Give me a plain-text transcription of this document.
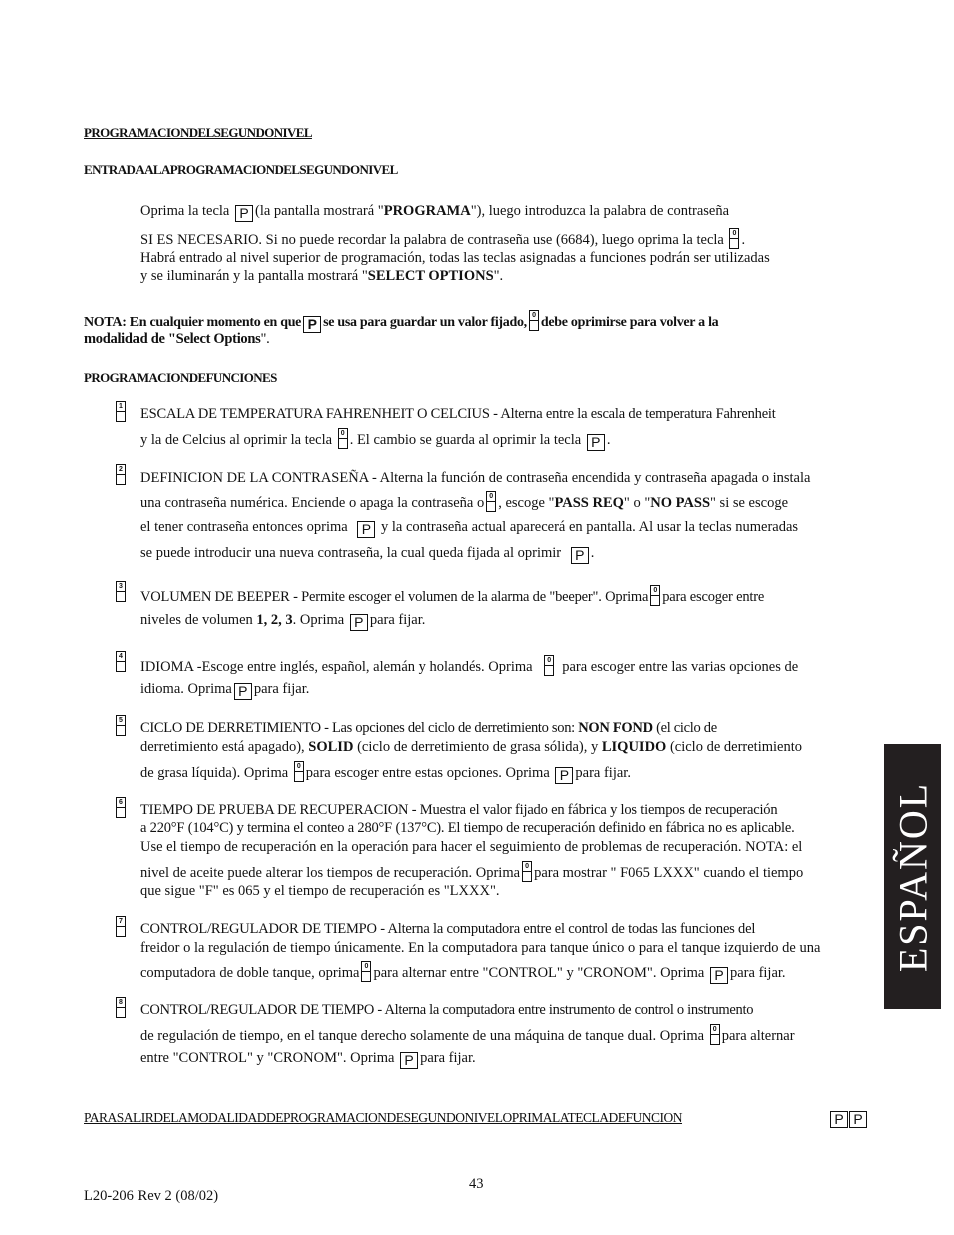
PROGRAMACIONDELSEGUNDONIVEL
ENTRADAALAPROGRAMACIONDELSEGUNDONIVEL
Oprima la tecla P (la pantalla mostrará "PROGRAMA"), luego introduzca la palabra de contraseña
SI ES NECESARIO. Si no puede recordar la palabra de contraseña use (6684), luego oprima la tecla 0 .
Habrá entrado al nivel superior de programación, todas las teclas asignadas a funciones podrán ser utilizadas
y se iluminarán y la pantalla mostrará "SELECT OPTIONS".
NOTA: En cualquier momento en que P se usa para guardar un valor fijado, 0 debe oprimirse para volver a la
modalidad de "Select Options".
PROGRAMACIONDEFUNCIONES
1 ESCALA DE TEMPERATURA FAHRENHEIT O CELCIUS - Alterna entre la escala de temperatura Fahrenheit
y la de Celcius al oprimir la tecla 0 . El cambio se guarda al oprimir la tecla P .
2
DEFINICION DE LA CONTRASEÑA - Alterna la función de contraseña encendida y contraseña apagada o instala
una contraseña numérica. Enciende o apaga la contraseña o 0 , escoge "PASS REQ" o "NO PASS" si se escoge
el tener contraseña entonces oprima P y la contraseña actual aparecerá en pantalla. Al usar la teclas numeradas
se puede introducir una nueva contraseña, la cual queda fijada al oprimir P .
3
VOLUMEN DE BEEPER - Permite escoger el volumen de la alarma de "beeper". Oprima 0 para escoger entre
niveles de volumen 1, 2, 3. Oprima P para fijar.
4
IDIOMA -Escoge entre inglés, español, alemán y holandés. Oprima 0 para escoger entre las varias opciones de
idioma. Oprima P para fijar.
5 CICLO DE DERRETIMIENTO - Las opciones del ciclo de derretimiento son: NON FOND (el ciclo de
derretimiento está apagado), SOLID (ciclo de derretimiento de grasa sólida), y LIQUIDO (ciclo de derretimiento
de grasa líquida). Oprima 0 para escoger entre estas opciones. Oprima P para fijar.
6 TIEMPO DE PRUEBA DE RECUPERACION - Muestra el valor fijado en fábrica y los tiempos de recuperación
a 220°F (104°C) y termina el conteo a 280°F (137°C). El tiempo de recuperación definido en fábrica no es aplicable.
Use el tiempo de recuperación en la operación para hacer el seguimiento de problemas de recuperación. NOTA: el
nivel de aceite puede alterar los tiempos de recuperación. Oprima 0 para mostrar " F065 LXXX" cuando el tiempo
que sigue "F" es 065 y el tiempo de recuperación es "LXXX".
7 CONTROL/REGULADOR DE TIEMPO - Alterna la computadora entre el control de todas las funciones del
freidor o la regulación de tiempo únicamente. En la computadora para tanque único o para el tanque izquierdo de una
computadora de doble tanque, oprima 0 para alternar entre "CONTROL" y "CRONOM". Oprima P para fijar.
8 CONTROL/REGULADOR DE TIEMPO - Alterna la computadora entre instrumento de control o instrumento
de regulación de tiempo, en el tanque derecho solamente de una máquina de tanque dual. Oprima 0 para alternar
entre "CONTROL" y "CRONOM". Oprima P para fijar.
PARASALIRDELAMODALIDADDEPROGRAMACIONDESEGUNDONIVELOPRIMALATECLADEFUNCION	P P
43
L20-206 Rev 2 (08/02)
ESPAÑOL
